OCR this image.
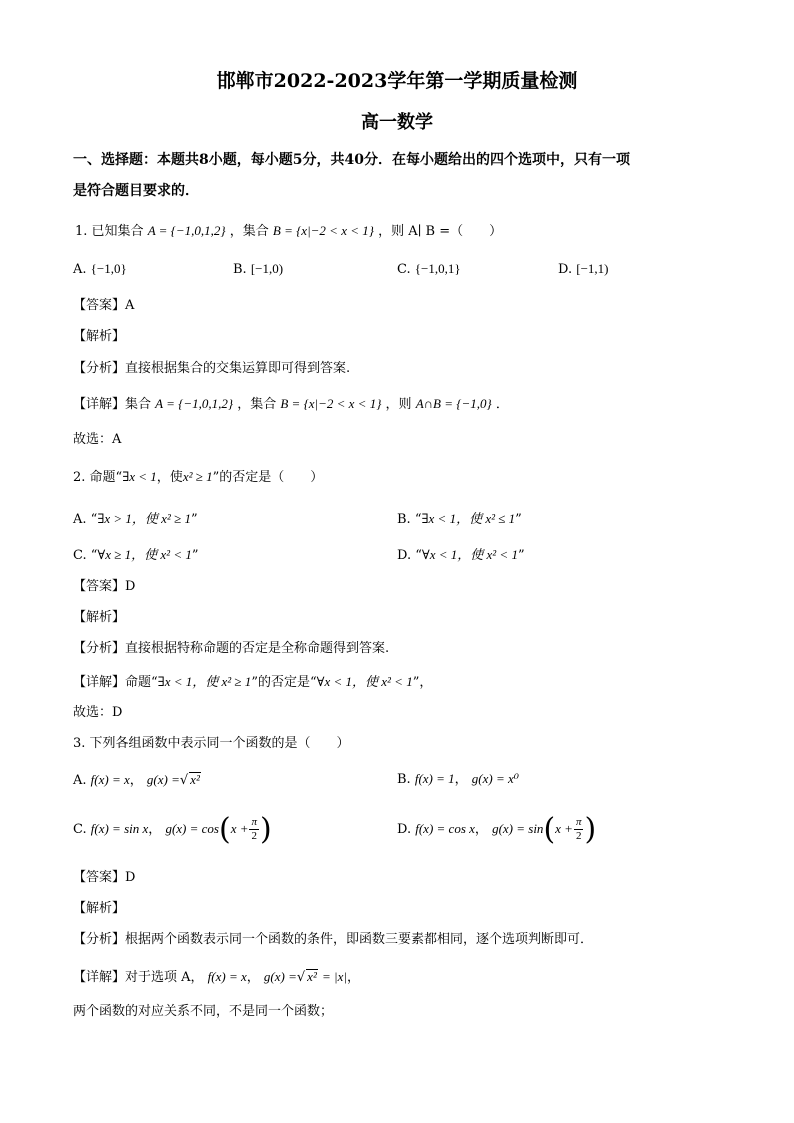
邯郸市2022-2023学年第一学期质量检测
高一数学
一、选择题：本题共8小题，每小题5分，共40分．在每小题给出的四个选项中，只有一项
是符合题目要求的．
1. 已知集合 A = {−1,0,1,2} ，集合 B = {x|−2 < x < 1} ，则 A∣ B =（　　）
A. {−1,0}	B. [−1,0)	C. {−1,0,1}	D. [−1,1)
【答案】A
【解析】
【分析】直接根据集合的交集运算即可得到答案.
【详解】集合 A = {−1,0,1,2} ，集合 B = {x|−2 < x < 1} ，则 A∩B = {−1,0} ．
故选：A
2. 命题“∃x < 1，使x² ≥ 1”的否定是（　　）
A. “∃x > 1，使 x² ≥ 1”	B. “∃x < 1，使 x² ≤ 1”
C. “∀x ≥ 1，使 x² < 1”	D. “∀x < 1，使 x² < 1”
【答案】D
【解析】
【分析】直接根据特称命题的否定是全称命题得到答案.
【详解】命题“∃x < 1，使 x² ≥ 1”的否定是“∀x < 1，使 x² < 1”，
故选：D
3. 下列各组函数中表示同一个函数的是（　　）
A. f(x) = x， g(x) =√ x²	B. f(x) = 1， g(x) = x⁰
C. f(x) = sin x， $g(x) = \cos(x + \frac{\pi}{2}$ )	D. f(x) = cos x， $g(x) = \sin(x + \frac{\pi}{2}$ )
【答案】D
【解析】
【分析】根据两个函数表示同一个函数的条件，即函数三要素都相同，逐个选项判断即可．
【详解】对于选项 A， f(x) = x， g(x) =√ x² = |x|，
两个函数的对应关系不同，不是同一个函数；
